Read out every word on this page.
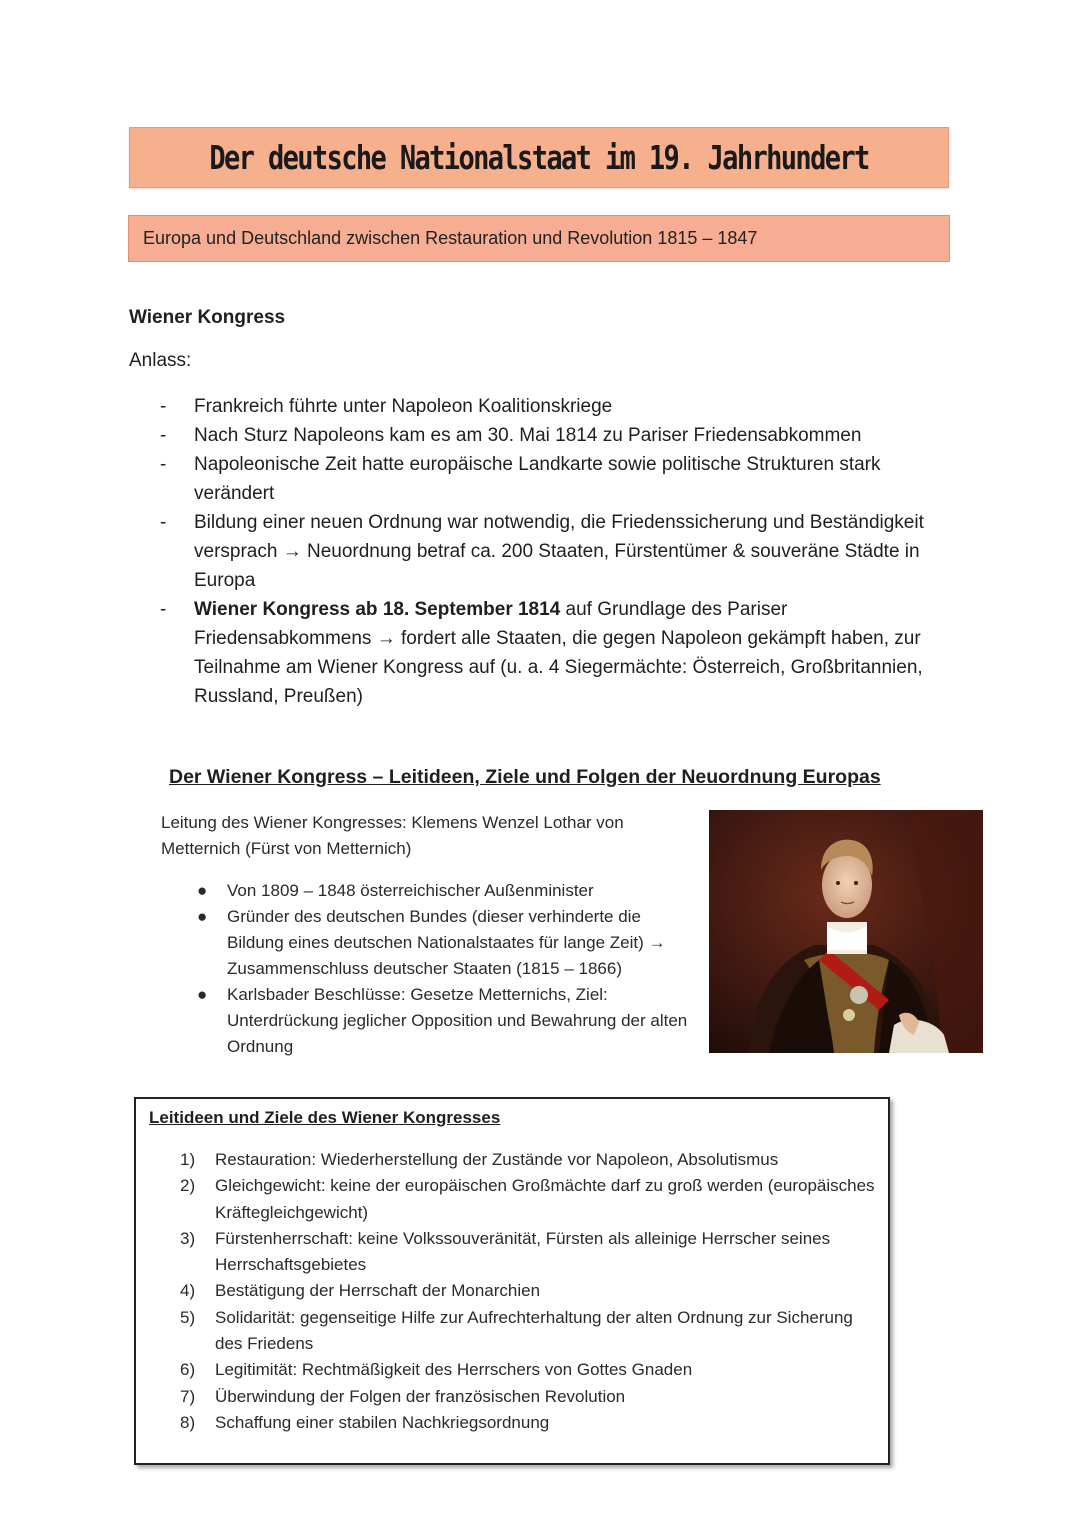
Der deutsche Nationalstaat im 19. Jahrhundert
Europa und Deutschland zwischen Restauration und Revolution 1815 – 1847
Wiener Kongress
Anlass:
- Frankreich führte unter Napoleon Koalitionskriege
- Nach Sturz Napoleons kam es am 30. Mai 1814 zu Pariser Friedensabkommen
- Napoleonische Zeit hatte europäische Landkarte sowie politische Strukturen stark verändert
- Bildung einer neuen Ordnung war notwendig, die Friedenssicherung und Beständigkeit versprach → Neuordnung betraf ca. 200 Staaten, Fürstentümer & souveräne Städte in Europa
- Wiener Kongress ab 18. September 1814 auf Grundlage des Pariser Friedensabkommens → fordert alle Staaten, die gegen Napoleon gekämpft haben, zur Teilnahme am Wiener Kongress auf (u. a. 4 Siegermächte: Österreich, Großbritannien, Russland, Preußen)
Der Wiener Kongress – Leitideen, Ziele und Folgen der Neuordnung Europas
Leitung des Wiener Kongresses: Klemens Wenzel Lothar von Metternich (Fürst von Metternich)
● Von 1809 – 1848 österreichischer Außenminister
● Gründer des deutschen Bundes (dieser verhinderte die Bildung eines deutschen Nationalstaates für lange Zeit) → Zusammenschluss deutscher Staaten (1815 – 1866)
● Karlsbader Beschlüsse: Gesetze Metternichs, Ziel: Unterdrückung jeglicher Opposition und Bewahrung der alten Ordnung
Leitideen und Ziele des Wiener Kongresses
1) Restauration: Wiederherstellung der Zustände vor Napoleon, Absolutismus
2) Gleichgewicht: keine der europäischen Großmächte darf zu groß werden (europäisches Kräftegleichgewicht)
3) Fürstenherrschaft: keine Volkssouveränität, Fürsten als alleinige Herrscher seines Herrschaftsgebietes
4) Bestätigung der Herrschaft der Monarchien
5) Solidarität: gegenseitige Hilfe zur Aufrechterhaltung der alten Ordnung zur Sicherung des Friedens
6) Legitimität: Rechtmäßigkeit des Herrschers von Gottes Gnaden
7) Überwindung der Folgen der französischen Revolution
8) Schaffung einer stabilen Nachkriegsordnung
